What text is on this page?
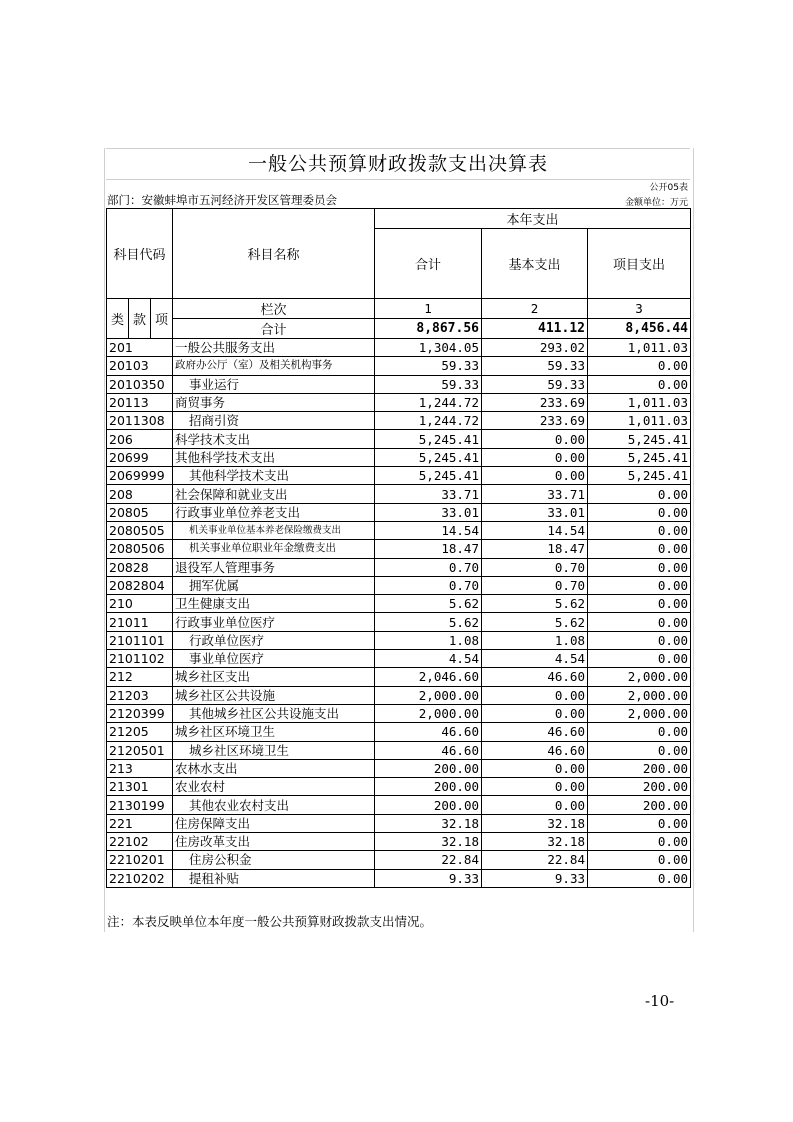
一般公共预算财政拨款支出决算表
公开05表
部门：安徽蚌埠市五河经济开发区管理委员会	金额单位：万元
科目代码			科目名称	本年支出		
				合计	基本支出	项目支出

类	款	项	栏次	1	2	3
			合计	8,867.56	411.12	8,456.44
201			一般公共服务支出	1,304.05	293.02	1,011.03
20103			政府办公厅（室）及相关机构事务	59.33	59.33	0.00
2010350			事业运行	59.33	59.33	0.00
20113			商贸事务	1,244.72	233.69	1,011.03
2011308			招商引资	1,244.72	233.69	1,011.03
206			科学技术支出	5,245.41	0.00	5,245.41
20699			其他科学技术支出	5,245.41	0.00	5,245.41
2069999			其他科学技术支出	5,245.41	0.00	5,245.41
208			社会保障和就业支出	33.71	33.71	0.00
20805			行政事业单位养老支出	33.01	33.01	0.00
2080505			机关事业单位基本养老保险缴费支出	14.54	14.54	0.00
2080506			机关事业单位职业年金缴费支出	18.47	18.47	0.00
20828			退役军人管理事务	0.70	0.70	0.00
2082804			拥军优属	0.70	0.70	0.00
210			卫生健康支出	5.62	5.62	0.00
21011			行政事业单位医疗	5.62	5.62	0.00
2101101			行政单位医疗	1.08	1.08	0.00
2101102			事业单位医疗	4.54	4.54	0.00
212			城乡社区支出	2,046.60	46.60	2,000.00
21203			城乡社区公共设施	2,000.00	0.00	2,000.00
2120399			其他城乡社区公共设施支出	2,000.00	0.00	2,000.00
21205			城乡社区环境卫生	46.60	46.60	0.00
2120501			城乡社区环境卫生	46.60	46.60	0.00
213			农林水支出	200.00	0.00	200.00
21301			农业农村	200.00	0.00	200.00
2130199			其他农业农村支出	200.00	0.00	200.00
221			住房保障支出	32.18	32.18	0.00
22102			住房改革支出	32.18	32.18	0.00
2210201			住房公积金	22.84	22.84	0.00
2210202			提租补贴	9.33	9.33	0.00
注：本表反映单位本年度一般公共预算财政拨款支出情况。
-10-
